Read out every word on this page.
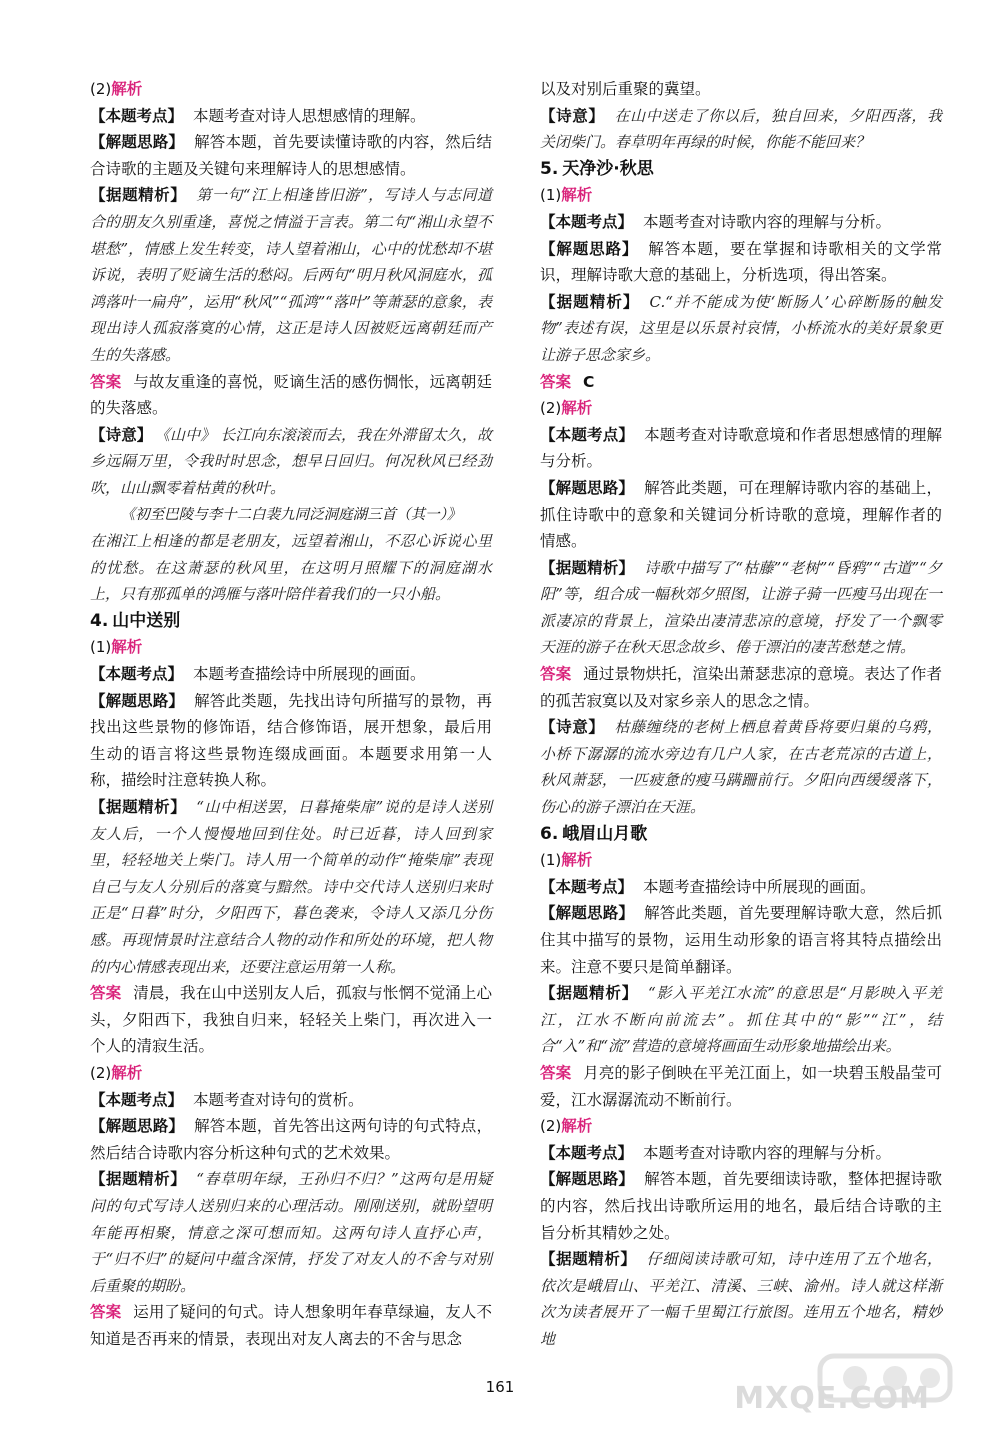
(2)解析

【本题考点】 本题考查对诗人思想感情的理解。

【解题思路】 解答本题，首先要读懂诗歌的内容，然后结合诗歌的主题及关键句来理解诗人的思想感情。

【据题精析】 第一句“江上相逢皆旧游”，写诗人与志同道合的朋友久别重逢，喜悦之情溢于言表。第二句“湘山永望不堪愁”，情感上发生转变，诗人望着湘山，心中的忧愁却不堪诉说，表明了贬谪生活的愁闷。后两句“明月秋风洞庭水，孤鸿落叶一扁舟”，运用“秋风”“孤鸿”“落叶”等萧瑟的意象，表现出诗人孤寂落寞的心情，这正是诗人因被贬远离朝廷而产生的失落感。

答案 与故友重逢的喜悦，贬谪生活的感伤惆怅，远离朝廷的失落感。

【诗意】 《山中》 长江向东滚滚而去，我在外滞留太久，故乡远隔万里，令我时时思念，想早日回归。何况秋风已经劲吹，山山飘零着枯黄的秋叶。

《初至巴陵与李十二白裴九同泛洞庭湖三首（其一）》

在湘江上相逢的都是老朋友，远望着湘山，不忍心诉说心里的忧愁。在这萧瑟的秋风里，在这明月照耀下的洞庭湖水上，只有那孤单的鸿雁与落叶陪伴着我们的一只小船。

4. 山中送别

(1)解析

【本题考点】 本题考查描绘诗中所展现的画面。

【解题思路】 解答此类题，先找出诗句所描写的景物，再找出这些景物的修饰语，结合修饰语，展开想象，最后用生动的语言将这些景物连缀成画面。本题要求用第一人称，描绘时注意转换人称。

【据题精析】 “山中相送罢，日暮掩柴扉”说的是诗人送别友人后，一个人慢慢地回到住处。时已近暮，诗人回到家里，轻轻地关上柴门。诗人用一个简单的动作“掩柴扉”表现自己与友人分别后的落寞与黯然。诗中交代诗人送别归来时正是“日暮”时分，夕阳西下，暮色袭来，令诗人又添几分伤感。再现情景时注意结合人物的动作和所处的环境，把人物的内心情感表现出来，还要注意运用第一人称。

答案 清晨，我在山中送别友人后，孤寂与怅惘不觉涌上心头，夕阳西下，我独自归来，轻轻关上柴门，再次进入一个人的清寂生活。

(2)解析

【本题考点】 本题考查对诗句的赏析。

【解题思路】 解答本题，首先答出这两句诗的句式特点，然后结合诗歌内容分析这种句式的艺术效果。

【据题精析】 “春草明年绿，王孙归不归？”这两句是用疑问的句式写诗人送别归来的心理活动。刚刚送别，就盼望明年能再相聚，情意之深可想而知。这两句诗人直抒心声，于“归不归”的疑问中蕴含深情，抒发了对友人的不舍与对别后重聚的期盼。

答案 运用了疑问的句式。诗人想象明年春草绿遍，友人不知道是否再来的情景，表现出对友人离去的不舍与思念

以及对别后重聚的冀望。

【诗意】 在山中送走了你以后，独自回来，夕阳西落，我关闭柴门。春草明年再绿的时候，你能不能回来？

5. 天净沙·秋思

(1)解析

【本题考点】 本题考查对诗歌内容的理解与分析。

【解题思路】 解答本题，要在掌握和诗歌相关的文学常识，理解诗歌大意的基础上，分析选项，得出答案。

【据题精析】 C.“并不能成为使‘断肠人’心碎断肠的触发物”表述有误，这里是以乐景衬哀情，小桥流水的美好景象更让游子思念家乡。

答案 C

(2)解析

【本题考点】 本题考查对诗歌意境和作者思想感情的理解与分析。

【解题思路】 解答此类题，可在理解诗歌内容的基础上，抓住诗歌中的意象和关键词分析诗歌的意境，理解作者的情感。

【据题精析】 诗歌中描写了“枯藤”“老树”“昏鸦”“古道”“夕阳”等，组合成一幅秋郊夕照图，让游子骑一匹瘦马出现在一派凄凉的背景上，渲染出凄清悲凉的意境，抒发了一个飘零天涯的游子在秋天思念故乡、倦于漂泊的凄苦愁楚之情。

答案 通过景物烘托，渲染出萧瑟悲凉的意境。表达了作者的孤苦寂寞以及对家乡亲人的思念之情。

【诗意】 枯藤缠绕的老树上栖息着黄昏将要归巢的乌鸦，小桥下潺潺的流水旁边有几户人家，在古老荒凉的古道上，秋风萧瑟，一匹疲惫的瘦马蹒跚前行。夕阳向西缓缓落下，伤心的游子漂泊在天涯。

6. 峨眉山月歌

(1)解析

【本题考点】 本题考查描绘诗中所展现的画面。

【解题思路】 解答此类题，首先要理解诗歌大意，然后抓住其中描写的景物，运用生动形象的语言将其特点描绘出来。注意不要只是简单翻译。

【据题精析】 “影入平羌江水流”的意思是“月影映入平羌江，江水不断向前流去”。抓住其中的“影”“江”，结合“入”和“流”营造的意境将画面生动形象地描绘出来。

答案 月亮的影子倒映在平羌江面上，如一块碧玉般晶莹可爱，江水潺潺流动不断前行。

(2)解析

【本题考点】 本题考查对诗歌内容的理解与分析。

【解题思路】 解答本题，首先要细读诗歌，整体把握诗歌的内容，然后找出诗歌所运用的地名，最后结合诗歌的主旨分析其精妙之处。

【据题精析】 仔细阅读诗歌可知，诗中连用了五个地名，依次是峨眉山、平羌江、清溪、三峡、渝州。诗人就这样渐次为读者展开了一幅千里蜀江行旅图。连用五个地名，精妙地

161	MXQE.COM
